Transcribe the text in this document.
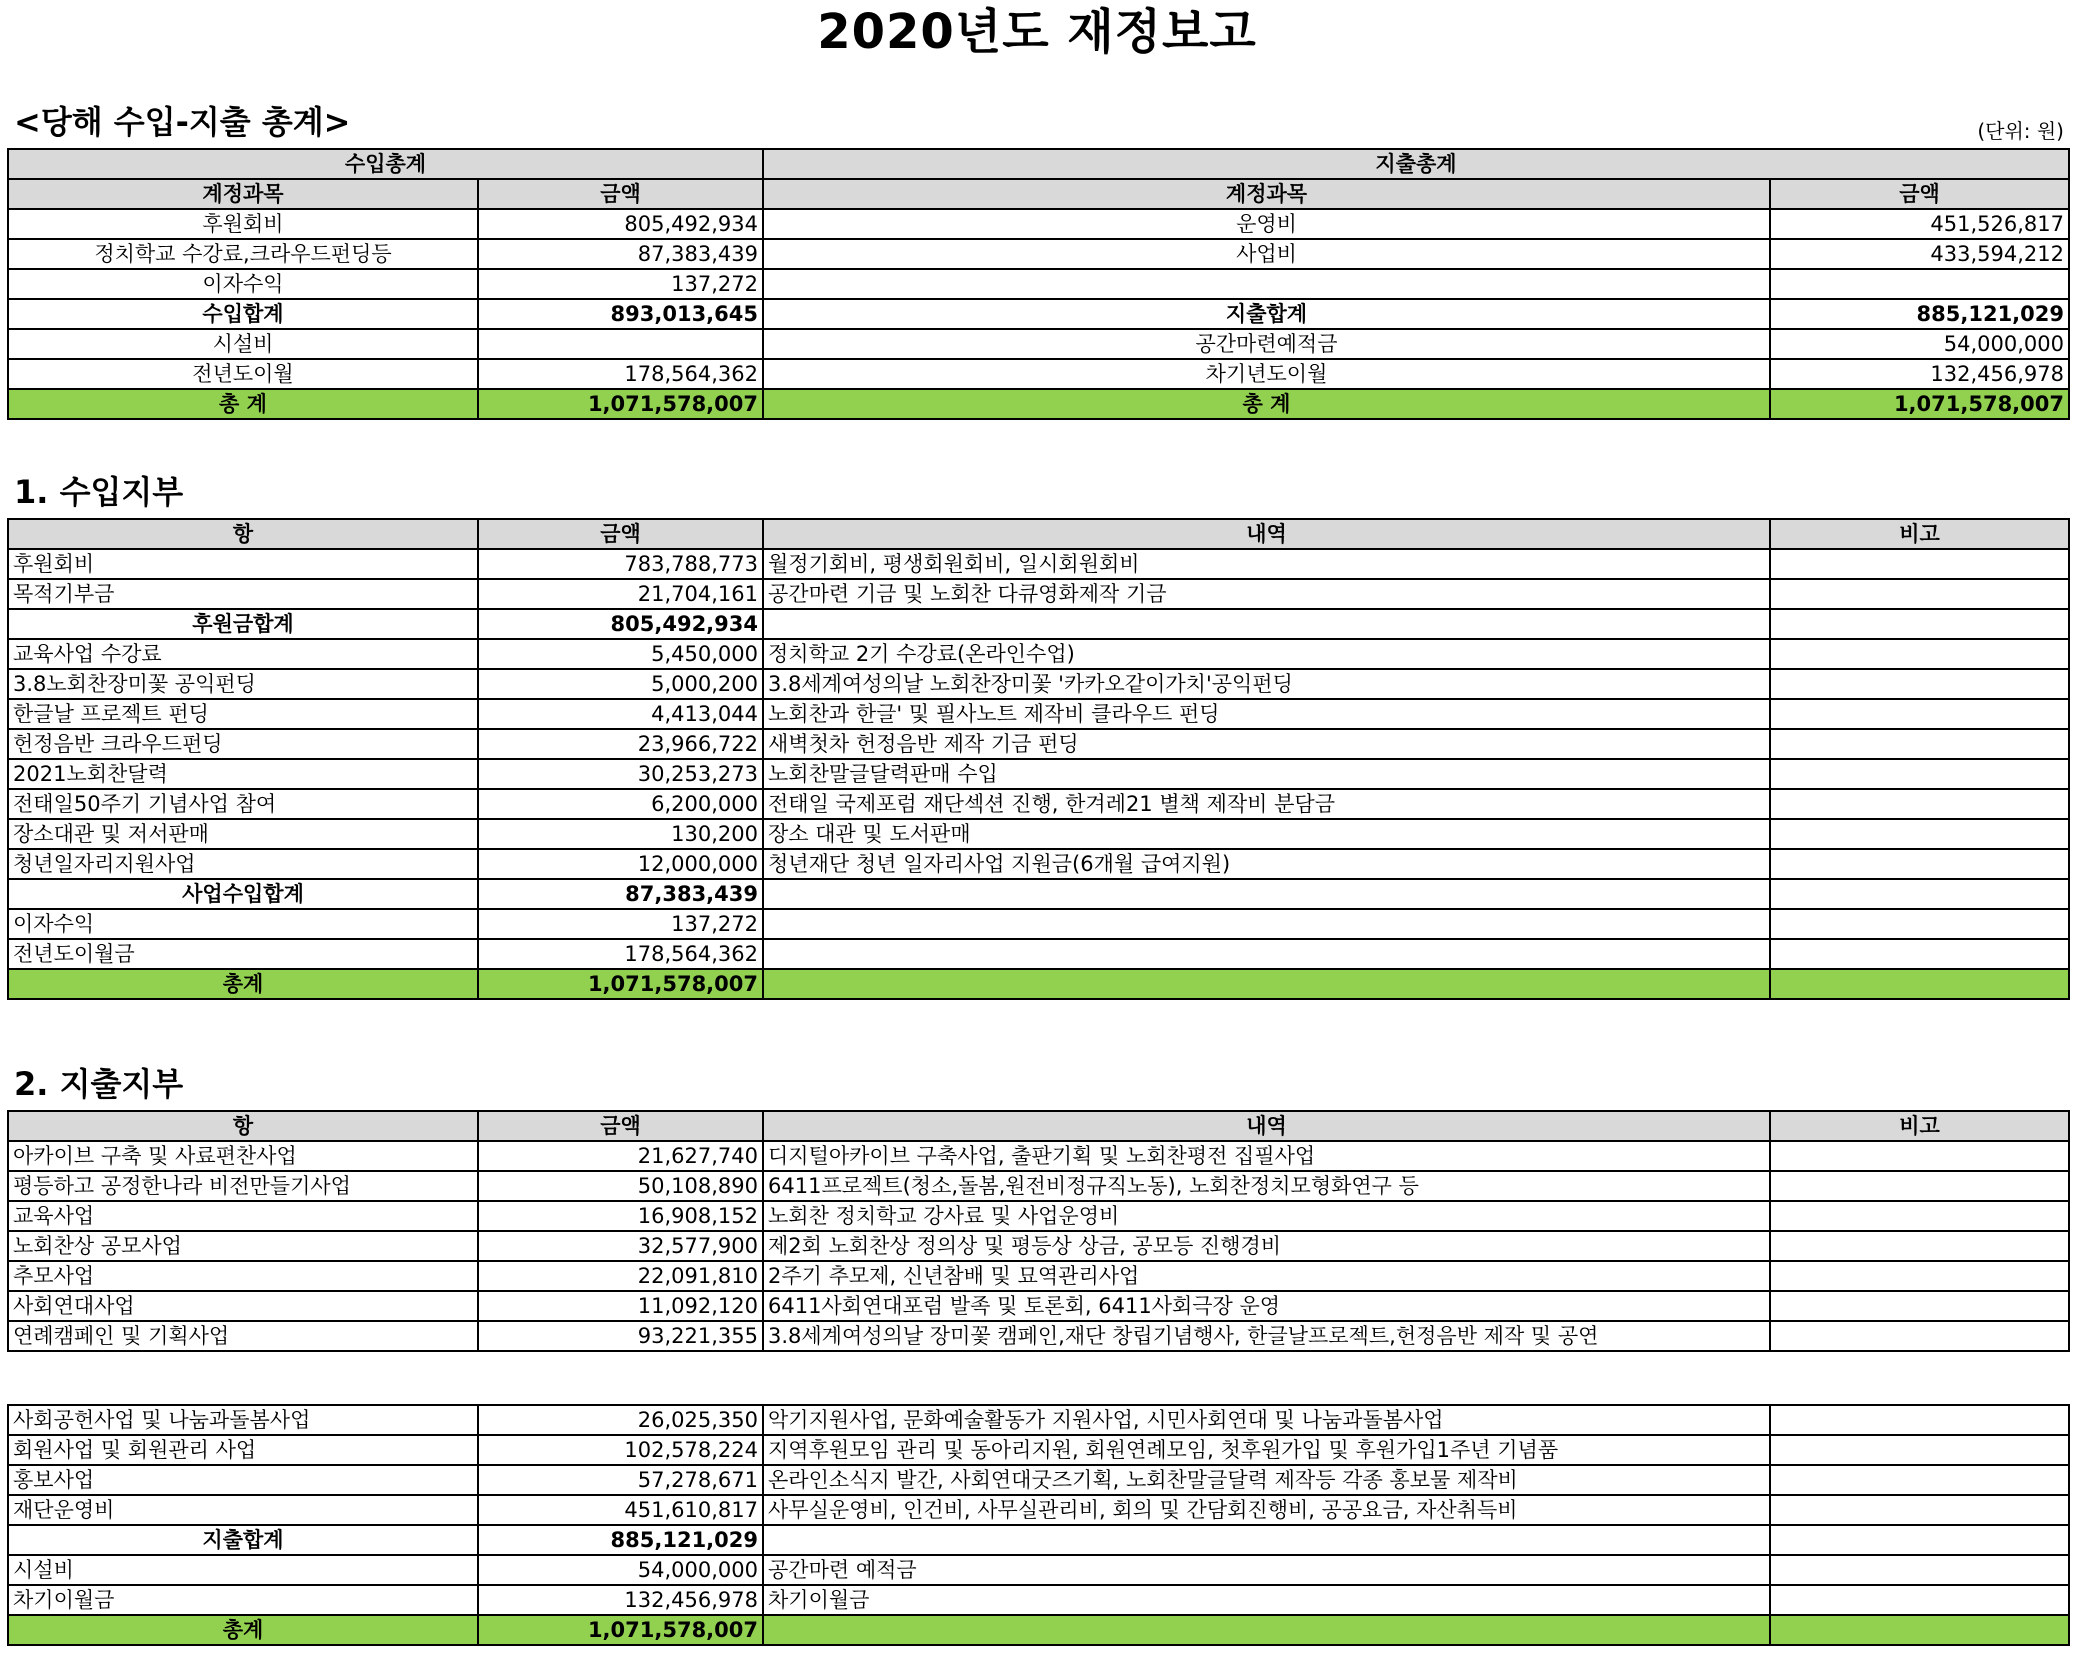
2020년도 재정보고
<당해 수입-지출 총계>	(단위: 원)
수입총계		지출총계	
계정과목	금액	계정과목	금액
후원회비	805,492,934	운영비	451,526,817
정치학교 수강료,크라우드펀딩등	87,383,439	사업비	433,594,212
이자수익	137,272		
수입합계	893,013,645	지출합계	885,121,029
시설비		공간마련예적금	54,000,000
전년도이월	178,564,362	차기년도이월	132,456,978
총 계	1,071,578,007	총 계	1,071,578,007
1. 수입지부
항	금액	내역	비고
후원회비	783,788,773	월정기회비, 평생회원회비, 일시회원회비	
목적기부금	21,704,161	공간마련 기금 및 노회찬 다큐영화제작 기금	
후원금합계	805,492,934		
교육사업 수강료	5,450,000	정치학교 2기 수강료(온라인수업)	
3.8노회찬장미꽃 공익펀딩	5,000,200	3.8세계여성의날 노회찬장미꽃 '카카오같이가치'공익펀딩	
한글날 프로젝트 펀딩	4,413,044	노회찬과 한글' 및 필사노트 제작비 클라우드 펀딩	
헌정음반 크라우드펀딩	23,966,722	새벽첫차 헌정음반 제작 기금 펀딩	
2021노회찬달력	30,253,273	노회찬말글달력판매 수입	
전태일50주기 기념사업 참여	6,200,000	전태일 국제포럼 재단섹션 진행, 한겨레21 별책 제작비 분담금	
장소대관 및 저서판매	130,200	장소 대관 및 도서판매	
청년일자리지원사업	12,000,000	청년재단 청년 일자리사업 지원금(6개월 급여지원)	
사업수입합계	87,383,439		
이자수익	137,272		
전년도이월금	178,564,362		
총계	1,071,578,007		
2. 지출지부
항	금액	내역	비고
아카이브 구축 및 사료편찬사업	21,627,740	디지털아카이브 구축사업, 출판기획 및 노회찬평전 집필사업	
평등하고 공정한나라 비전만들기사업	50,108,890	6411프로젝트(청소,돌봄,원전비정규직노동), 노회찬정치모형화연구 등	
교육사업	16,908,152	노회찬 정치학교 강사료 및 사업운영비	
노회찬상 공모사업	32,577,900	제2회 노회찬상 정의상 및 평등상 상금, 공모등 진행경비	
추모사업	22,091,810	2주기 추모제, 신년참배 및 묘역관리사업	
사회연대사업	11,092,120	6411사회연대포럼 발족 및 토론회, 6411사회극장 운영	
연례캠페인 및 기획사업	93,221,355	3.8세계여성의날 장미꽃 캠페인,재단 창립기념행사, 한글날프로젝트,헌정음반 제작 및 공연	
사회공헌사업 및 나눔과돌봄사업	26,025,350	악기지원사업, 문화예술활동가 지원사업, 시민사회연대 및 나눔과돌봄사업	
회원사업 및 회원관리 사업	102,578,224	지역후원모임 관리 및 동아리지원, 회원연례모임, 첫후원가입 및 후원가입1주년 기념품	
홍보사업	57,278,671	온라인소식지 발간, 사회연대굿즈기획, 노회찬말글달력 제작등 각종 홍보물 제작비	
재단운영비	451,610,817	사무실운영비, 인건비, 사무실관리비, 회의 및 간담회진행비, 공공요금, 자산취득비	
지출합계	885,121,029		
시설비	54,000,000	공간마련 예적금	
차기이월금	132,456,978	차기이월금	
총계	1,071,578,007		
